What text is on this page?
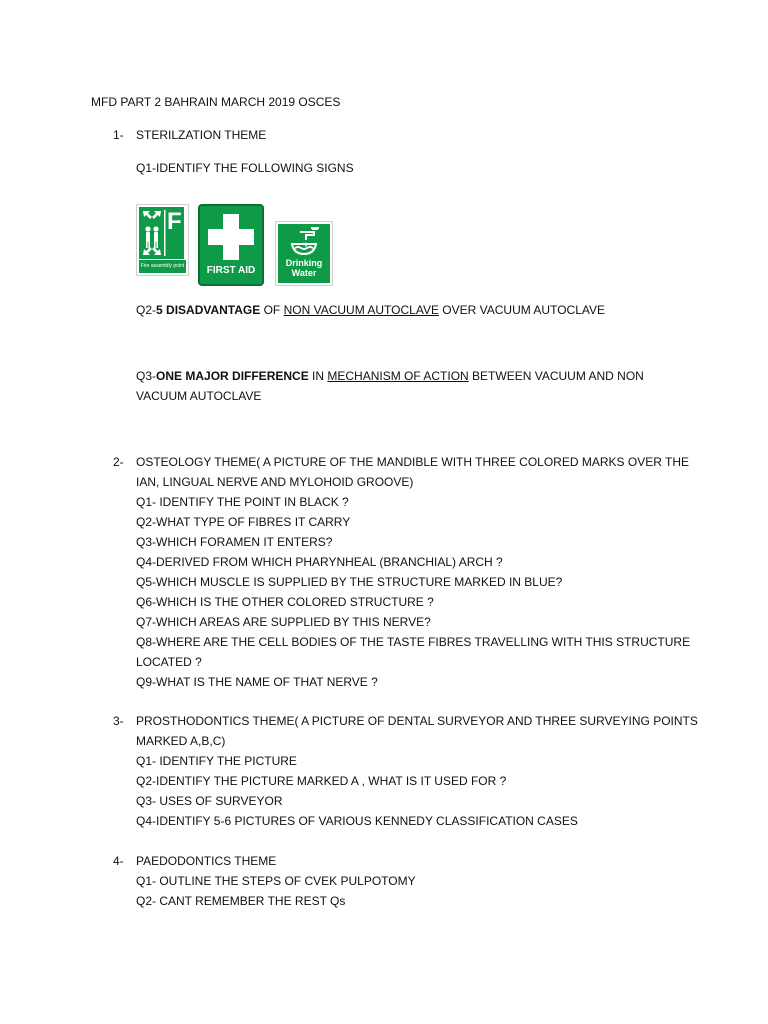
MFD PART 2 BAHRAIN MARCH 2019 OSCES
1- STERILZATION THEME
Q1-IDENTIFY THE FOLLOWING SIGNS
F
Fire assembly point	FIRST AID
Drinking
Water
Q2-5 DISADVANTAGE OF NON VACUUM AUTOCLAVE OVER VACUUM AUTOCLAVE
Q3-ONE MAJOR DIFFERENCE IN MECHANISM OF ACTION BETWEEN VACUUM AND NON
VACUUM AUTOCLAVE
2- OSTEOLOGY THEME( A PICTURE OF THE MANDIBLE WITH THREE COLORED MARKS OVER THE
IAN, LINGUAL NERVE AND MYLOHOID GROOVE)
Q1- IDENTIFY THE POINT IN BLACK ?
Q2-WHAT TYPE OF FIBRES IT CARRY
Q3-WHICH FORAMEN IT ENTERS?
Q4-DERIVED FROM WHICH PHARYNHEAL (BRANCHIAL) ARCH ?
Q5-WHICH MUSCLE IS SUPPLIED BY THE STRUCTURE MARKED IN BLUE?
Q6-WHICH IS THE OTHER COLORED STRUCTURE ?
Q7-WHICH AREAS ARE SUPPLIED BY THIS NERVE?
Q8-WHERE ARE THE CELL BODIES OF THE TASTE FIBRES TRAVELLING WITH THIS STRUCTURE
LOCATED ?
Q9-WHAT IS THE NAME OF THAT NERVE ?
3- PROSTHODONTICS THEME( A PICTURE OF DENTAL SURVEYOR AND THREE SURVEYING POINTS
MARKED A,B,C)
Q1- IDENTIFY THE PICTURE
Q2-IDENTIFY THE PICTURE MARKED A , WHAT IS IT USED FOR ?
Q3- USES OF SURVEYOR
Q4-IDENTIFY 5-6 PICTURES OF VARIOUS KENNEDY CLASSIFICATION CASES
4- PAEDODONTICS THEME
Q1- OUTLINE THE STEPS OF CVEK PULPOTOMY
Q2- CANT REMEMBER THE REST Qs
